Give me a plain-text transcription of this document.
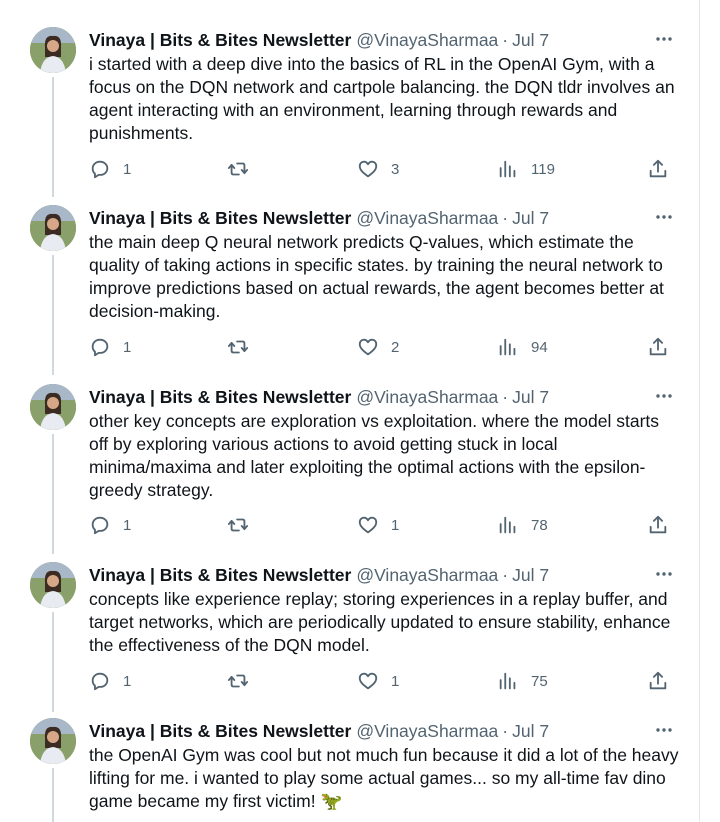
Vinaya | Bits & Bites Newsletter @VinayaSharmaa · Jul 7
i started with a deep dive into the basics of RL in the OpenAI Gym, with a focus on the DQN network and cartpole balancing. the DQN tldr involves an agent interacting with an environment, learning through rewards and punishments.
1	3	119
Vinaya | Bits & Bites Newsletter @VinayaSharmaa · Jul 7
the main deep Q neural network predicts Q-values, which estimate the quality of taking actions in specific states. by training the neural network to improve predictions based on actual rewards, the agent becomes better at decision-making.
1	2	94
Vinaya | Bits & Bites Newsletter @VinayaSharmaa · Jul 7
other key concepts are exploration vs exploitation. where the model starts off by exploring various actions to avoid getting stuck in local minima/maxima and later exploiting the optimal actions with the epsilon-greedy strategy.
1	1	78
Vinaya | Bits & Bites Newsletter @VinayaSharmaa · Jul 7
concepts like experience replay; storing experiences in a replay buffer, and target networks, which are periodically updated to ensure stability, enhance the effectiveness of the DQN model.
1	1	75
Vinaya | Bits & Bites Newsletter @VinayaSharmaa · Jul 7
the OpenAI Gym was cool but not much fun because it did a lot of the heavy lifting for me. i wanted to play some actual games... so my all-time fav dino game became my first victim! 🦖
